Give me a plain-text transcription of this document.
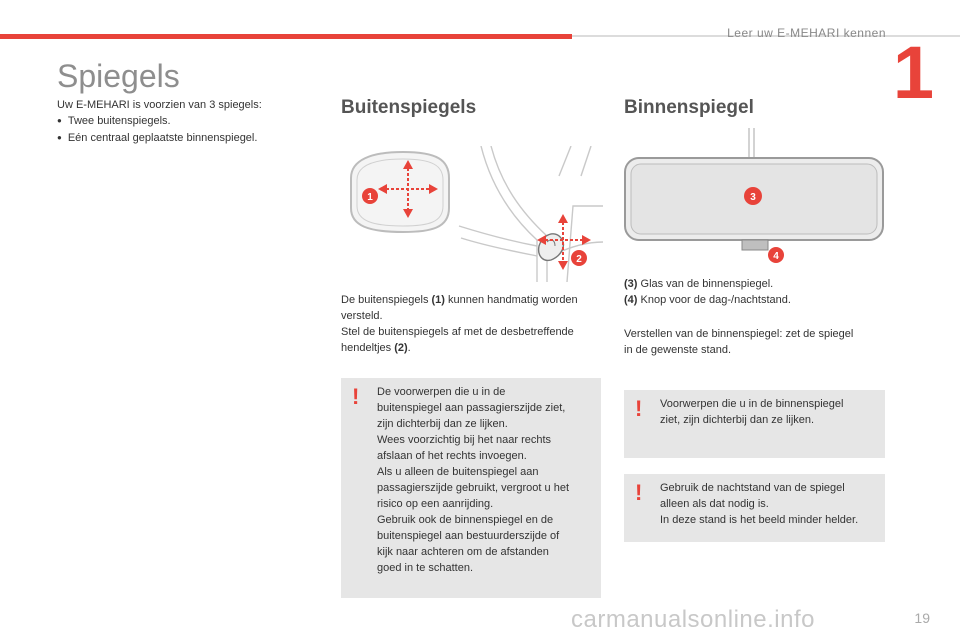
Leer uw E-MEHARI kennen 1
Spiegels
Uw E-MEHARI is voorzien van 3 spiegels:
● Twee buitenspiegels.
● Eén centraal geplaatste binnenspiegel.
Buitenspiegels	Binnenspiegel
1
2
3
4
De buitenspiegels (1) kunnen handmatig worden versteld.
Stel de buitenspiegels af met de desbetreffende hendeltjes (2).
(3) Glas van de binnenspiegel.
(4) Knop voor de dag-/nachtstand.
Verstellen van de binnenspiegel: zet de spiegel
in de gewenste stand.
! De voorwerpen die u in de
buitenspiegel aan passagierszijde ziet,
zijn dichterbij dan ze lijken.
Wees voorzichtig bij het naar rechts
afslaan of het rechts invoegen.
Als u alleen de buitenspiegel aan
passagierszijde gebruikt, vergroot u het
risico op een aanrijding.
Gebruik ook de binnenspiegel en de
buitenspiegel aan bestuurderszijde of
kijk naar achteren om de afstanden
goed in te schatten.
! Voorwerpen die u in de binnenspiegel
ziet, zijn dichterbij dan ze lijken.
! Gebruik de nachtstand van de spiegel
alleen als dat nodig is.
In deze stand is het beeld minder helder.
carmanualsonline.info	19
